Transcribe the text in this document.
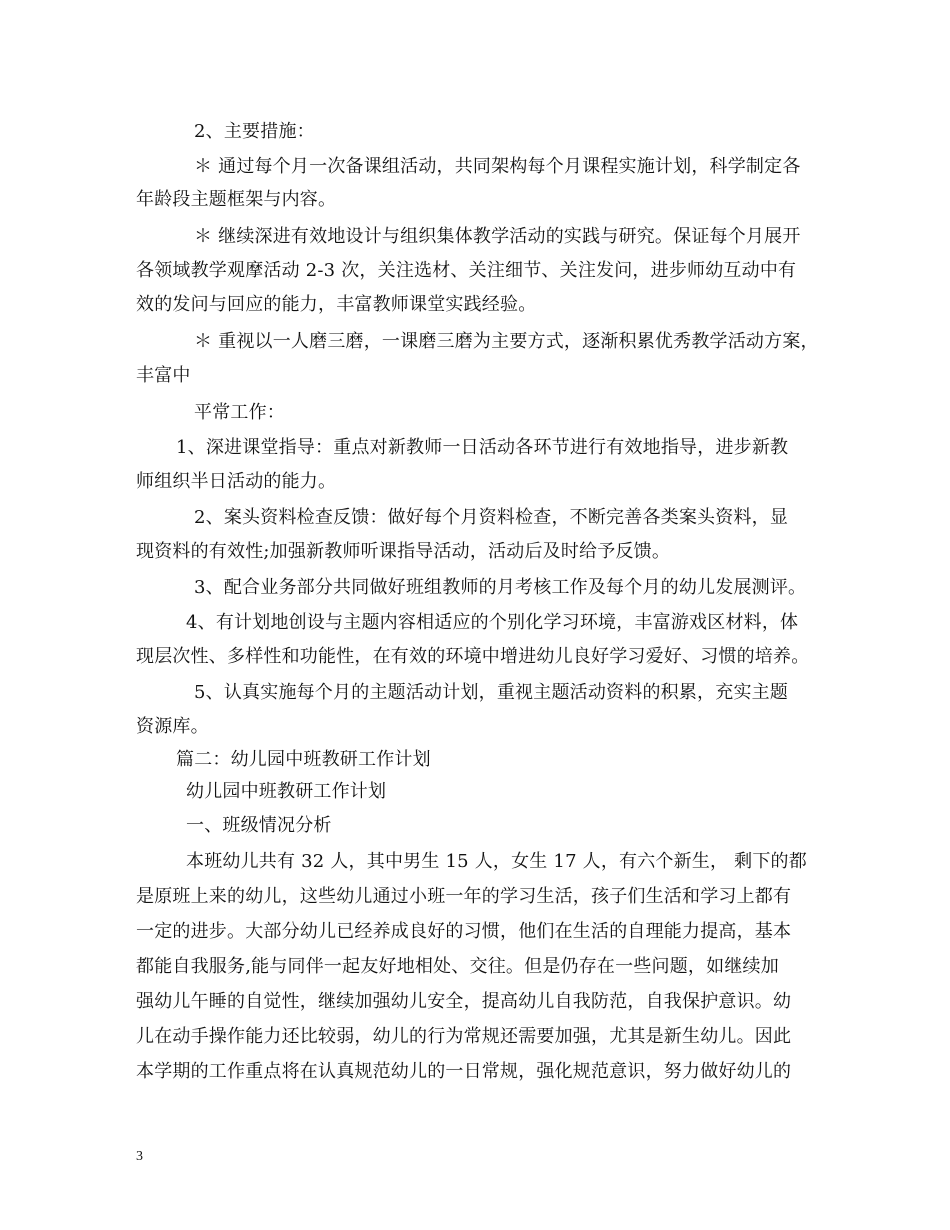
2、主要措施：
＊ 通过每个月一次备课组活动，共同架构每个月课程实施计划，科学制定各
年龄段主题框架与内容。
＊ 继续深进有效地设计与组织集体教学活动的实践与研究。保证每个月展开
各领域教学观摩活动 2-3 次，关注选材、关注细节、关注发问，进步师幼互动中有
效的发问与回应的能力，丰富教师课堂实践经验。
＊ 重视以一人磨三磨，一课磨三磨为主要方式，逐渐积累优秀教学活动方案，
丰富中
平常工作：
1、深进课堂指导：重点对新教师一日活动各环节进行有效地指导，进步新教
师组织半日活动的能力。
2、案头资料检查反馈：做好每个月资料检查，不断完善各类案头资料，显
现资料的有效性;加强新教师听课指导活动，活动后及时给予反馈。
3、配合业务部分共同做好班组教师的月考核工作及每个月的幼儿发展测评。
4、有计划地创设与主题内容相适应的个别化学习环境，丰富游戏区材料，体
现层次性、多样性和功能性，在有效的环境中增进幼儿良好学习爱好、习惯的培养。
5、认真实施每个月的主题活动计划，重视主题活动资料的积累，充实主题
资源库。
篇二：幼儿园中班教研工作计划
幼儿园中班教研工作计划
一、班级情况分析
本班幼儿共有 32 人，其中男生 15 人，女生 17 人，有六个新生， 剩下的都
是原班上来的幼儿，这些幼儿通过小班一年的学习生活，孩子们生活和学习上都有
一定的进步。大部分幼儿已经养成良好的习惯，他们在生活的自理能力提高，基本
都能自我服务,能与同伴一起友好地相处、交往。但是仍存在一些问题，如继续加
强幼儿午睡的自觉性，继续加强幼儿安全，提高幼儿自我防范，自我保护意识。幼
儿在动手操作能力还比较弱，幼儿的行为常规还需要加强，尤其是新生幼儿。因此
本学期的工作重点将在认真规范幼儿的一日常规，强化规范意识，努力做好幼儿的
3
